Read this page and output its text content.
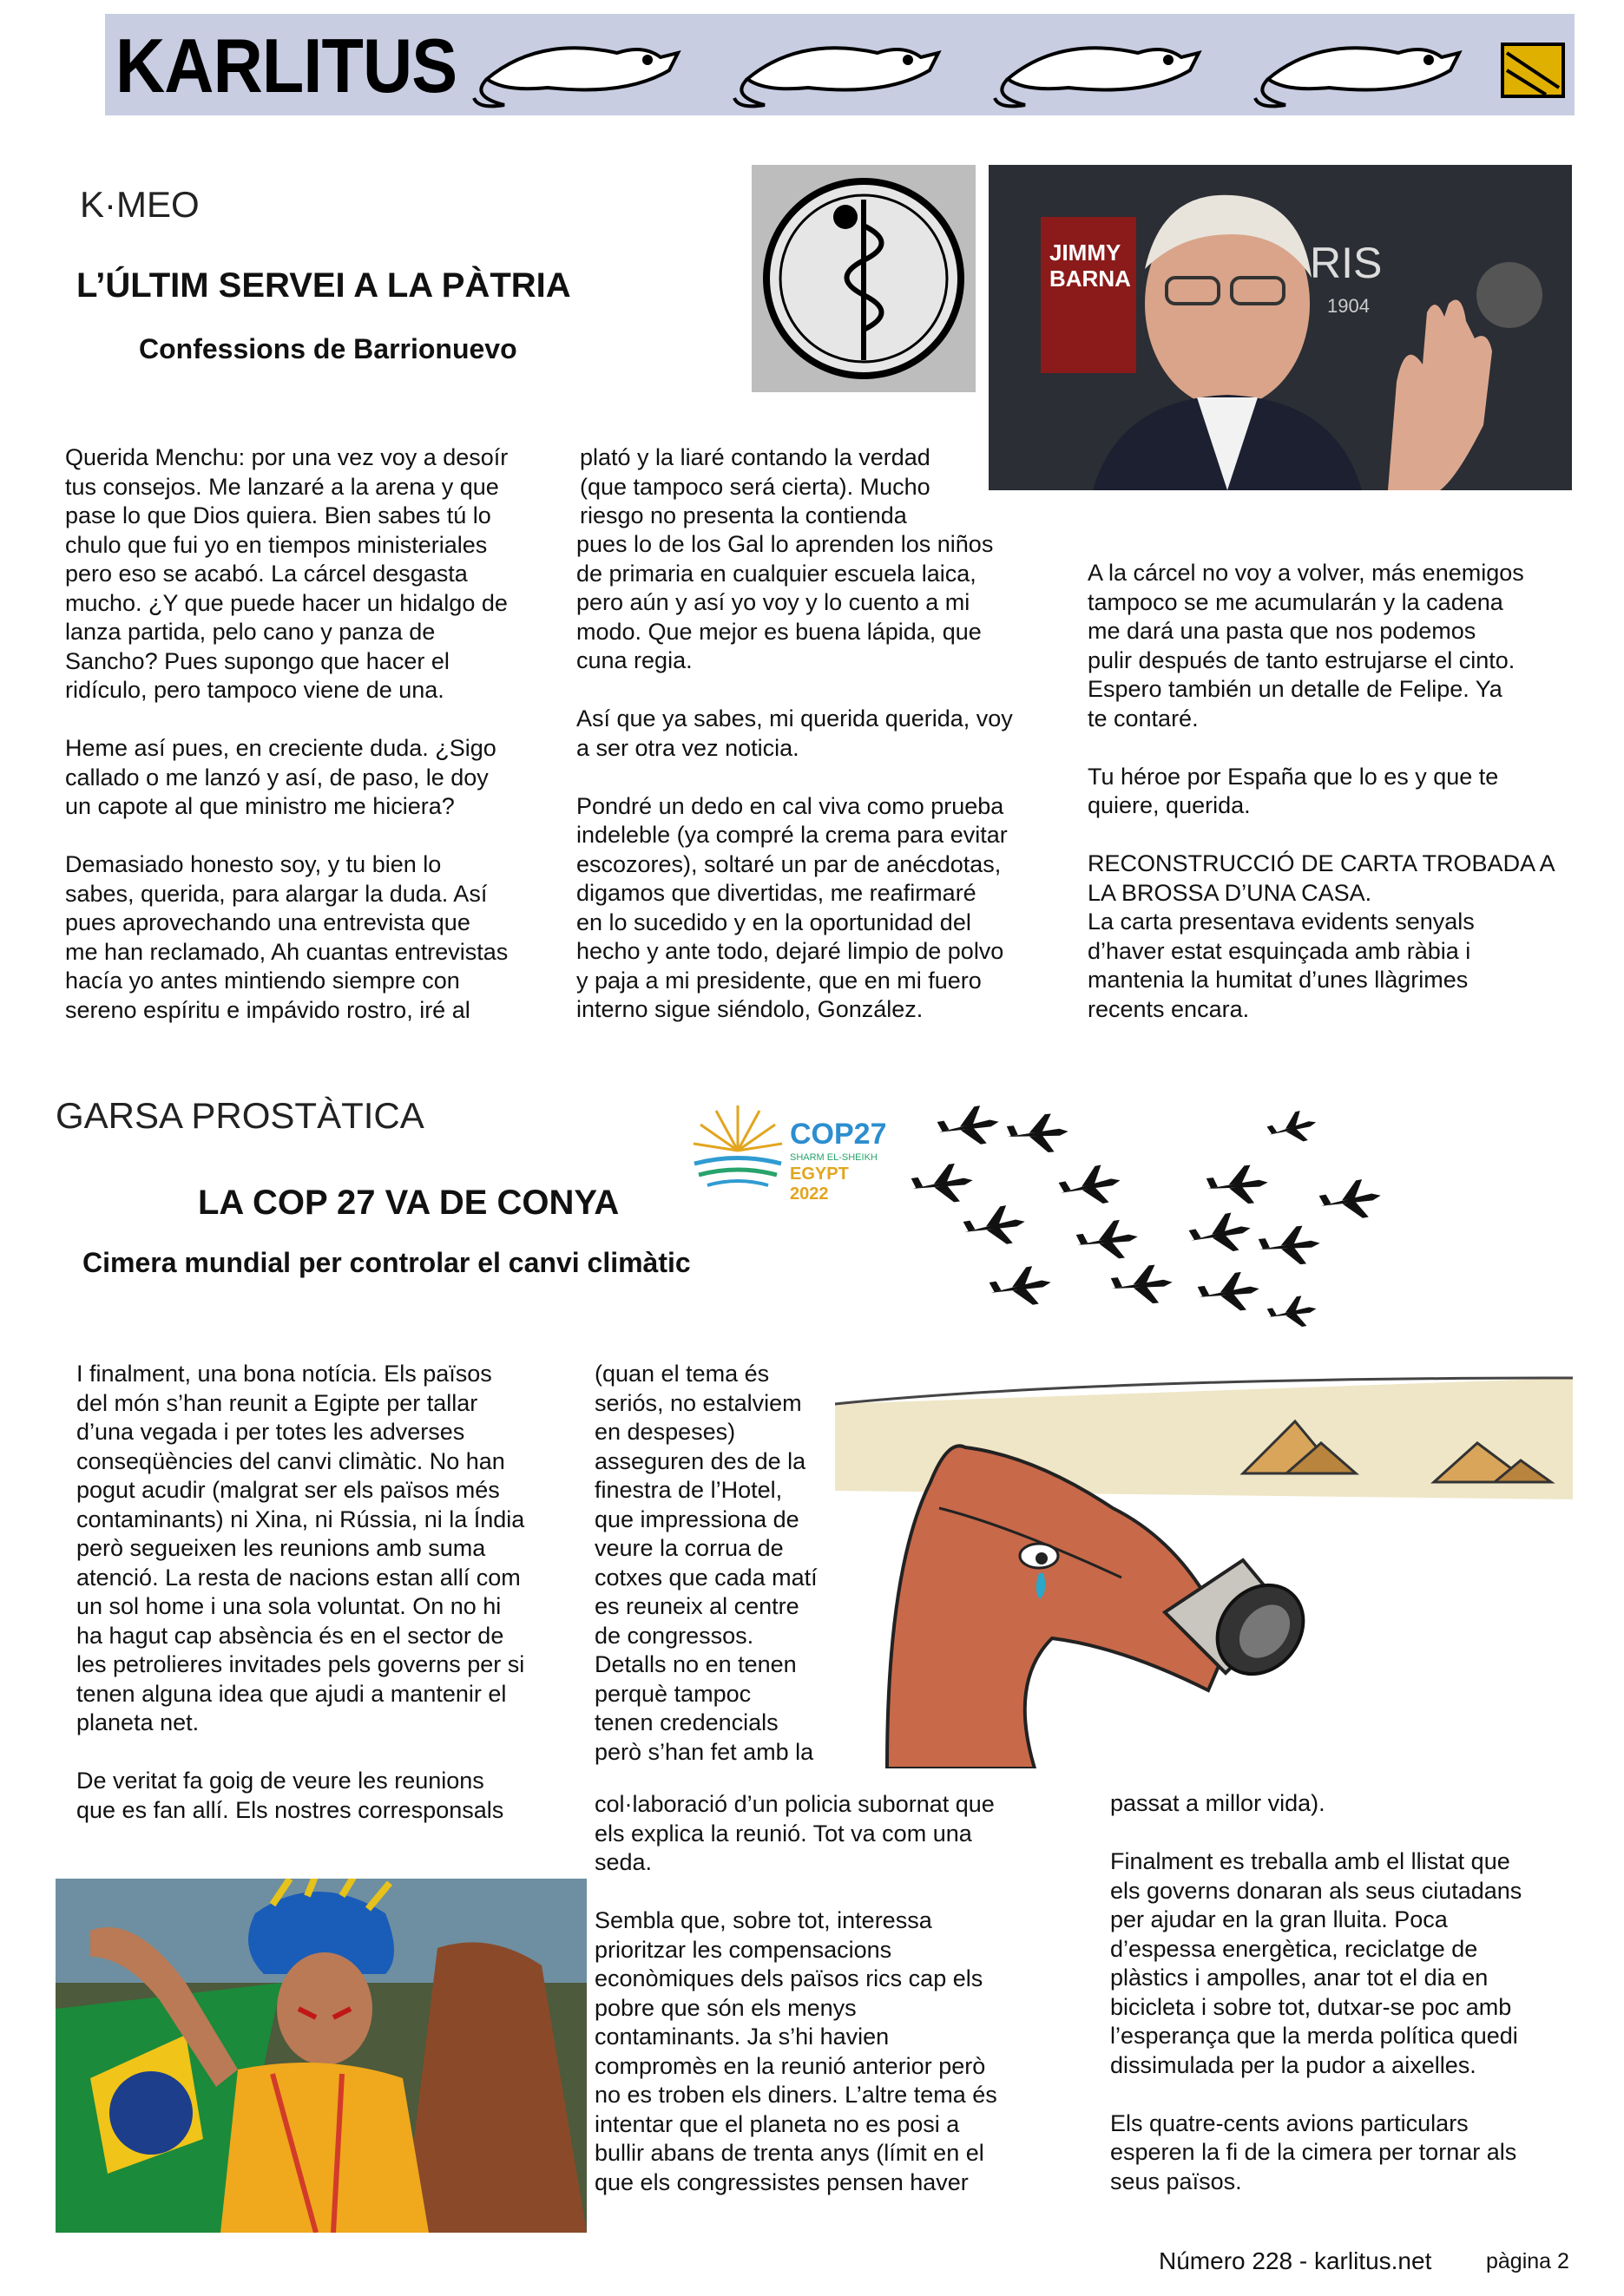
KARLITUS
K·MEO
L’ÚLTIM SERVEI A LA PÀTRIA
Confessions de Barrionuevo
JIMMY
BARNA	RIS
1904
Querida Menchu: por una vez voy a desoír
tus consejos. Me lanzaré a la arena y que
pase lo que Dios quiera. Bien sabes tú lo
chulo que fui yo en tiempos ministeriales
pero eso se acabó. La cárcel desgasta
mucho. ¿Y que puede hacer un hidalgo de
lanza partida, pelo cano y panza de
Sancho? Pues supongo que hacer el
ridículo, pero tampoco viene de una.

Heme así pues, en creciente duda. ¿Sigo
callado o me lanzó y así, de paso, le doy
un capote al que ministro me hiciera?

Demasiado honesto soy, y tu bien lo
sabes, querida, para alargar la duda. Así
pues aprovechando una entrevista que
me han reclamado, Ah cuantas entrevistas
hacía yo antes mintiendo siempre con
sereno espíritu e impávido rostro, iré al
plató y la liaré contando la verdad
(que tampoco será cierta). Mucho
riesgo no presenta la contienda
pues lo de los Gal lo aprenden los niños
de primaria en cualquier escuela laica,
pero aún y así yo voy y lo cuento a mi
modo. Que mejor es buena lápida, que
cuna regia.

Así que ya sabes, mi querida querida, voy
a ser otra vez noticia.

Pondré un dedo en cal viva como prueba
indeleble (ya compré la crema para evitar
escozores), soltaré un par de anécdotas,
digamos que divertidas, me reafirmaré
en lo sucedido y en la oportunidad del
hecho y ante todo, dejaré limpio de polvo
y paja a mi presidente, que en mi fuero
interno sigue siéndolo, González.
A la cárcel no voy a volver, más enemigos
tampoco se me acumularán y la cadena
me dará una pasta que nos podemos
pulir después de tanto estrujarse el cinto.
Espero también un detalle de Felipe. Ya
te contaré.

Tu héroe por España que lo es y que te
quiere, querida.

RECONSTRUCCIÓ DE CARTA TROBADA A
LA BROSSA D’UNA CASA.
La carta presentava evidents senyals
d’haver estat esquinçada amb ràbia i
mantenia la humitat d’unes llàgrimes
recents encara.
GARSA PROSTÀTICA
LA COP 27 VA DE CONYA
Cimera mundial per controlar el canvi climàtic
COP27
SHARM EL-SHEIKH
EGYPT 2022
I finalment, una bona notícia. Els països
del món s’han reunit a Egipte per tallar
d’una vegada i per totes les adverses
conseqüències del canvi climàtic. No han
pogut acudir (malgrat ser els països més
contaminants) ni Xina, ni Rússia, ni la Índia
però segueixen les reunions amb suma
atenció. La resta de nacions estan allí com
un sol home i una sola voluntat. On no hi
ha hagut cap absència és en el sector de
les petrolieres invitades pels governs per si
tenen alguna idea que ajudi a mantenir el
planeta net.

De veritat fa goig de veure les reunions
que es fan allí. Els nostres corresponsals
(quan el tema és
seriós, no estalviem
en despeses)
asseguren des de la
finestra de l’Hotel,
que impressiona de
veure la corrua de
cotxes que cada matí
es reuneix al centre
de congressos.
Detalls no en tenen
perquè tampoc
tenen credencials
però s’han fet amb la
col·laboració d’un policia subornat que
els explica la reunió. Tot va com una
seda.

Sembla que, sobre tot, interessa
prioritzar les compensacions
econòmiques dels països rics cap els
pobre que són els menys
contaminants. Ja s’hi havien
compromès en la reunió anterior però
no es troben els diners. L’altre tema és
intentar que el planeta no es posi a
bullir abans de trenta anys (límit en el
que els congressistes pensen haver
passat a millor vida).

Finalment es treballa amb el llistat que
els governs donaran als seus ciutadans
per ajudar en la gran lluita. Poca
d’espessa energètica, reciclatge de
plàstics i ampolles, anar tot el dia en
bicicleta i sobre tot, dutxar-se poc amb
l’esperança que la merda política quedi
dissimulada per la pudor a aixelles.

Els quatre-cents avions particulars
esperen la fi de la cimera per tornar als
seus països.
Número 228 - karlitus.net	pàgina 2
